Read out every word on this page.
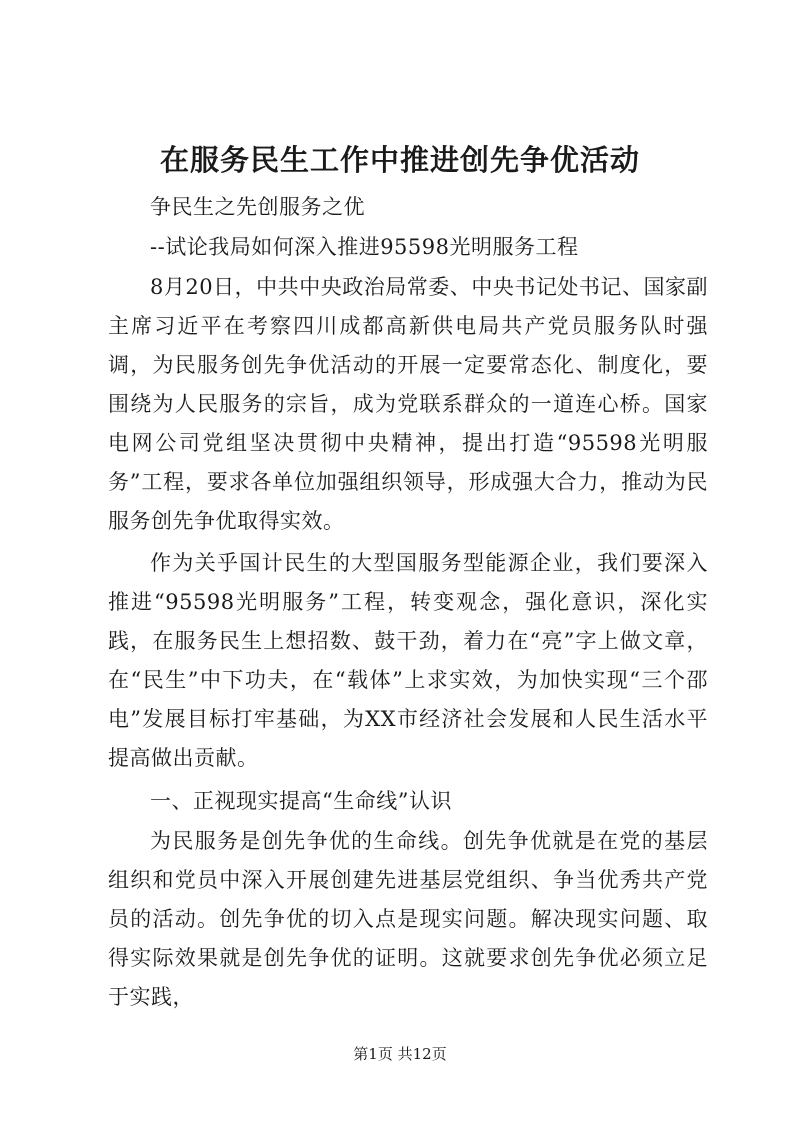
在服务民生工作中推进创先争优活动
争民生之先创服务之优
--试论我局如何深入推进95598光明服务工程
8月20日，中共中央政治局常委、中央书记处书记、国家副主席习近平在考察四川成都高新供电局共产党员服务队时强调，为民服务创先争优活动的开展一定要常态化、制度化，要围绕为人民服务的宗旨，成为党联系群众的一道连心桥。国家电网公司党组坚决贯彻中央精神，提出打造“95598光明服务”工程，要求各单位加强组织领导，形成强大合力，推动为民服务创先争优取得实效。
作为关乎国计民生的大型国服务型能源企业，我们要深入推进“95598光明服务”工程，转变观念，强化意识，深化实践，在服务民生上想招数、鼓干劲，着力在“亮”字上做文章，在“民生”中下功夫，在“载体”上求实效，为加快实现“三个邵电”发展目标打牢基础，为XX市经济社会发展和人民生活水平提高做出贡献。
一、正视现实提高“生命线”认识
为民服务是创先争优的生命线。创先争优就是在党的基层组织和党员中深入开展创建先进基层党组织、争当优秀共产党员的活动。创先争优的切入点是现实问题。解决现实问题、取得实际效果就是创先争优的证明。这就要求创先争优必须立足于实践，
第1页 共12页
